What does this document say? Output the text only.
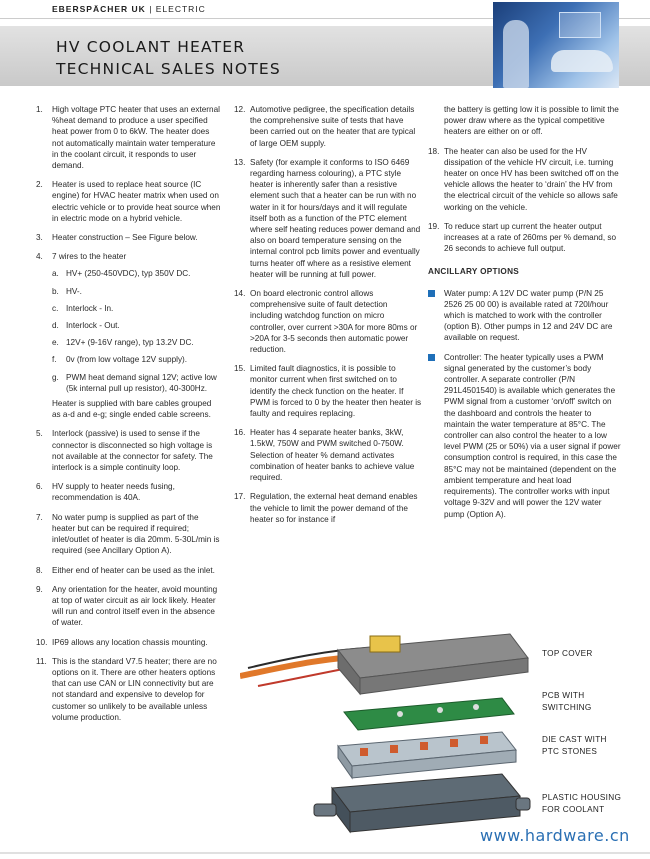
EBERSPÄCHER UK | ELECTRIC
HV COOLANT HEATER
TECHNICAL SALES NOTES
1. High voltage PTC heater that uses an external %heat demand to produce a user specified heat power from 0 to 6kW. The heater does not automatically maintain water temperature in the coolant circuit, it responds to user demand.
2. Heater is used to replace heat source (IC engine) for HVAC heater matrix when used on electric vehicle or to provide heat source when in electric mode on a hybrid vehicle.
3. Heater construction – See Figure below.
4. 7 wires to the heater
a. HV+ (250-450VDC), typ 350V DC.
b. HV-.
c. Interlock - In.
d. Interlock - Out.
e. 12V+ (9-16V range), typ 13.2V DC.
f. 0v (from low voltage 12V supply).
g. PWM heat demand signal 12V; active low (5k internal pull up resistor), 40-300Hz.
Heater is supplied with bare cables grouped as a-d and e-g; single ended cable screens.
5. Interlock (passive) is used to sense if the connector is disconnected so high voltage is not available at the connector for safety. The interlock is a simple continuity loop.
6. HV supply to heater needs fusing, recommendation is 40A.
7. No water pump is supplied as part of the heater but can be required if required; inlet/outlet of heater is dia 20mm. 5-30L/min is required (see Ancillary Option A).
8. Either end of heater can be used as the inlet.
9. Any orientation for the heater, avoid mounting at top of water circuit as air lock likely. Heater will run and control itself even in the absence of water.
10. IP69 allows any location chassis mounting.
11. This is the standard V7.5 heater; there are no options on it. There are other heaters options that can use CAN or LIN connectivity but are not standard and expensive to develop for customer so unlikely to be available unless volume production.
12. Automotive pedigree, the specification details the comprehensive suite of tests that have been carried out on the heater that are typical of large OEM supply.
13. Safety (for example it conforms to ISO 6469 regarding harness colouring), a PTC style heater is inherently safer than a resistive element such that a heater can be run with no water in it for hours/days and it will regulate itself both as a function of the PTC element where self heating reduces power demand and also on board temperature sensing on the internal control pcb limits power and eventually turns heater off where as a resistive element heater will be running at full power.
14. On board electronic control allows comprehensive suite of fault detection including watchdog function on micro controller, over current >30A for more 80ms or >20A for 3-5 seconds then automatic power reduction.
15. Limited fault diagnostics, it is possible to monitor current when first switched on to identify the check function on the heater. If PWM is forced to 0 by the heater then heater is faulty and requires replacing.
16. Heater has 4 separate heater banks, 3kW, 1.5kW, 750W and PWM switched 0-750W. Selection of heater % demand activates combination of heater banks to achieve value required.
17. Regulation, the external heat demand enables the vehicle to limit the power demand of the heater so for instance if
the battery is getting low it is possible to limit the power draw where as the typical competitive heaters are either on or off.
18. The heater can also be used for the HV dissipation of the vehicle HV circuit, i.e. turning heater on once HV has been switched off on the vehicle allows the heater to ‘drain’ the HV from the electrical circuit of the vehicle so allows safe working on the vehicle.
19. To reduce start up current the heater output increases at a rate of 260ms per % demand, so 26 seconds to achieve full output.
ANCILLARY OPTIONS
Water pump: A 12V DC water pump (P/N 25 2526 25 00 00) is available rated at 720l/hour which is matched to work with the controller (option B). Other pumps in 12 and 24V DC are available on request.
Controller: The heater typically uses a PWM signal generated by the customer’s body controller. A separate controller (P/N 291L4501540) is available which generates the PWM signal from a customer ‘on/off’ switch on the dashboard and controls the heater to maintain the water temperature at 85°C. The controller can also control the heater to a low level PWM (25 or 50%) via a user signal if power consumption control is required, in this case the 85°C may not be maintained (dependent on the ambient temperature and heat load requirements). The controller works with input voltage 9-32V and will power the 12V water pump (Option A).
TOP COVER
PCB WITH
SWITCHING
DIE CAST WITH
PTC STONES
PLASTIC HOUSING
FOR COOLANT
www.hardware.cn
